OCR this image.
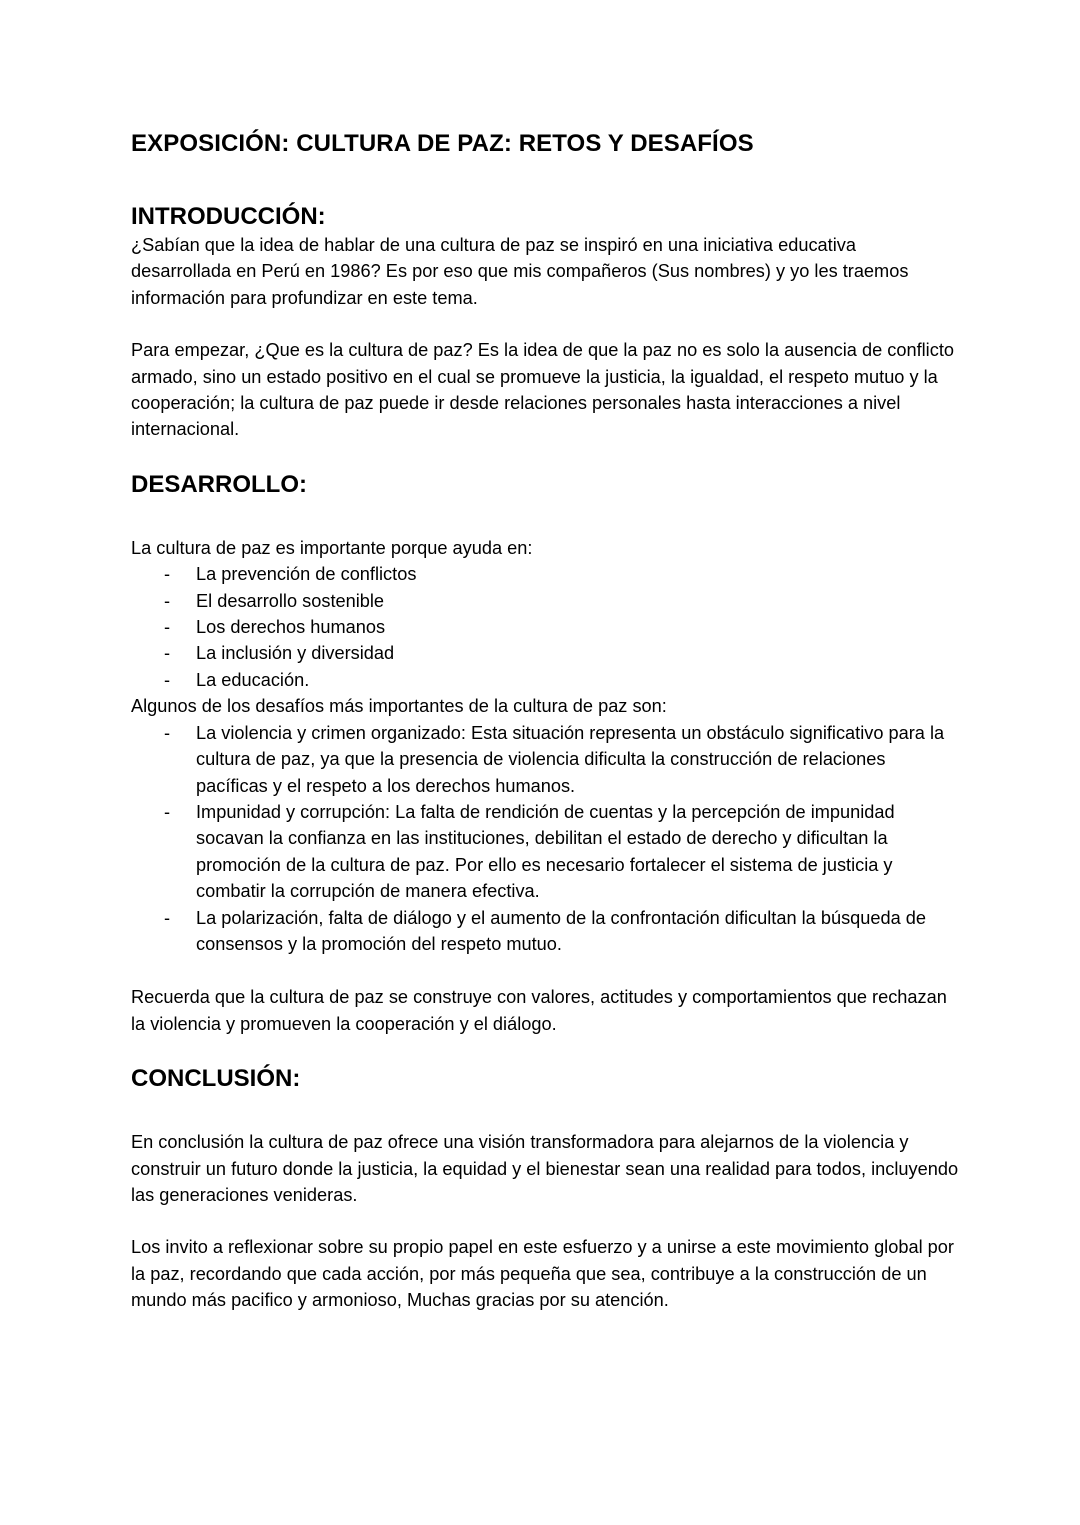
EXPOSICIÓN: CULTURA DE PAZ: RETOS Y DESAFÍOS
INTRODUCCIÓN:

¿Sabían que la idea de hablar de una cultura de paz se inspiró en una iniciativa educativa desarrollada en Perú en 1986? Es por eso que mis compañeros (Sus nombres) y yo les traemos información para profundizar en este tema.

Para empezar, ¿Que es la cultura de paz? Es la idea de que la paz no es solo la ausencia de conflicto armado, sino un estado positivo en el cual se promueve la justicia, la igualdad, el respeto mutuo y la cooperación; la cultura de paz puede ir desde relaciones personales hasta interacciones a nivel internacional.

DESARROLLO:

La cultura de paz es importante porque ayuda en:

- La prevención de conflictos
- El desarrollo sostenible
- Los derechos humanos
- La inclusión y diversidad
- La educación.

Algunos de los desafíos más importantes de la cultura de paz son:

- La violencia y crimen organizado: Esta situación representa un obstáculo significativo para la cultura de paz, ya que la presencia de violencia dificulta la construcción de relaciones pacíficas y el respeto a los derechos humanos.
- Impunidad y corrupción: La falta de rendición de cuentas y la percepción de impunidad socavan la confianza en las instituciones, debilitan el estado de derecho y dificultan la promoción de la cultura de paz. Por ello es necesario fortalecer el sistema de justicia y combatir la corrupción de manera efectiva.
- La polarización, falta de diálogo y el aumento de la confrontación dificultan la búsqueda de consensos y la promoción del respeto mutuo.

Recuerda que la cultura de paz se construye con valores, actitudes y comportamientos que rechazan la violencia y promueven la cooperación y el diálogo.

CONCLUSIÓN:

En conclusión la cultura de paz ofrece una visión transformadora para alejarnos de la violencia y construir un futuro donde la justicia, la equidad y el bienestar sean una realidad para todos, incluyendo las generaciones venideras.

Los invito a reflexionar sobre su propio papel en este esfuerzo y a unirse a este movimiento global por la paz, recordando que cada acción, por más pequeña que sea, contribuye a la construcción de un mundo más pacifico y armonioso, Muchas gracias por su atención.
